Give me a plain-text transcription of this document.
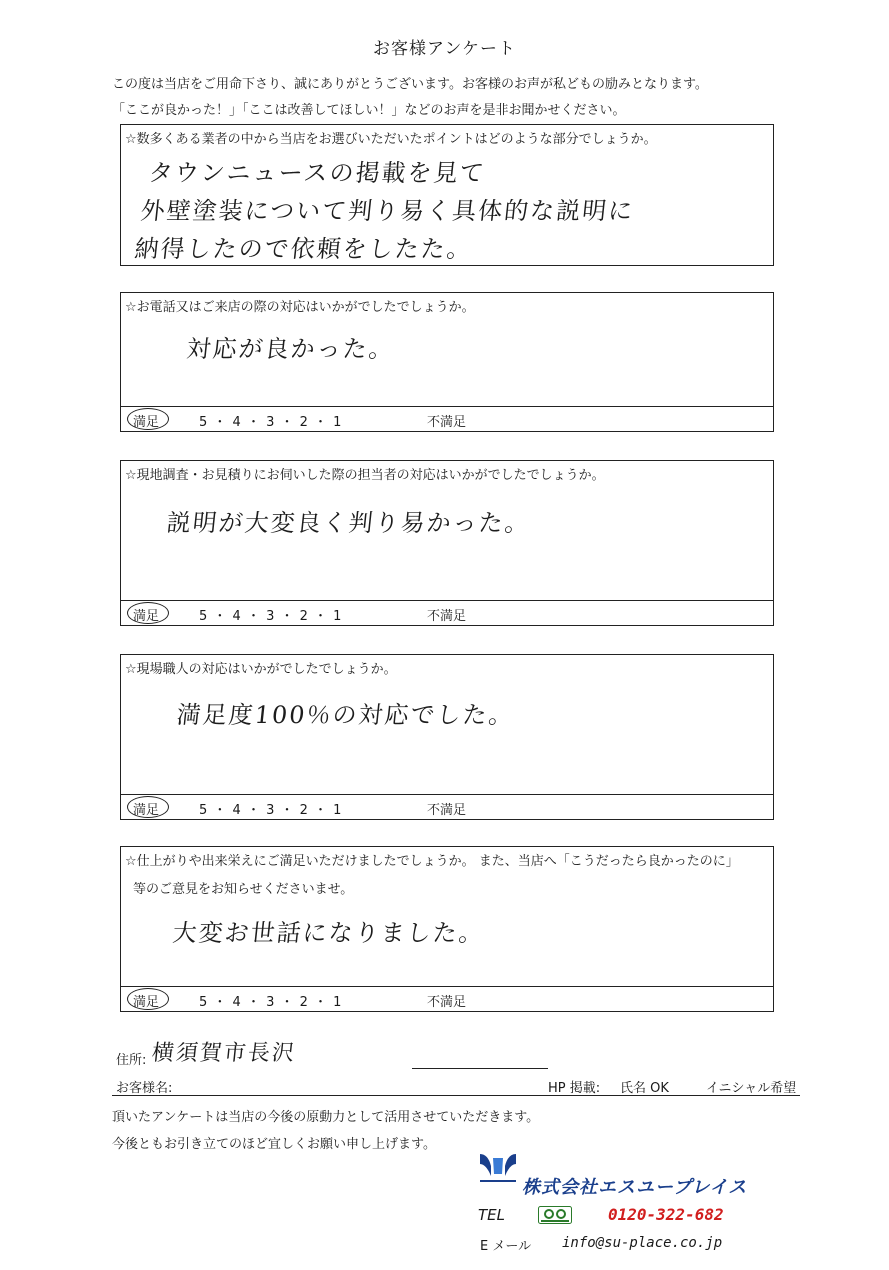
お客様アンケート
この度は当店をご用命下さり、誠にありがとうございます。お客様のお声が私どもの励みとなります。
「ここが良かった！」「ここは改善してほしい！」などのお声を是非お聞かせください。
☆数多くある業者の中から当店をお選びいただいたポイントはどのような部分でしょうか。
タウンニュースの掲載を見て
外壁塗装について判り易く具体的な説明に
納得したので依頼をしたた。
☆お電話又はご来店の際の対応はいかがでしたでしょうか。
対応が良かった。
満足	5 ・ 4 ・ 3 ・ 2 ・ 1	不満足
☆現地調査・お見積りにお伺いした際の担当者の対応はいかがでしたでしょうか。
説明が大変良く判り易かった。
満足	5 ・ 4 ・ 3 ・ 2 ・ 1	不満足
☆現場職人の対応はいかがでしたでしょうか。
満足度100％の対応でした。
満足	5 ・ 4 ・ 3 ・ 2 ・ 1	不満足
☆仕上がりや出来栄えにご満足いただけましたでしょうか。 また、当店へ「こうだったら良かったのに」
等のご意見をお知らせくださいませ。
大変お世話になりました。
満足	5 ・ 4 ・ 3 ・ 2 ・ 1	不満足
住所: 横須賀市長沢
お客様名:	HP 掲載: 氏名 OK	イニシャル希望
頂いたアンケートは当店の今後の原動力として活用させていただきます。
今後ともお引き立てのほど宜しくお願い申し上げます。
株式会社エスユープレイス
TEL	0120-322-682
E メール info@su-place.co.jp
